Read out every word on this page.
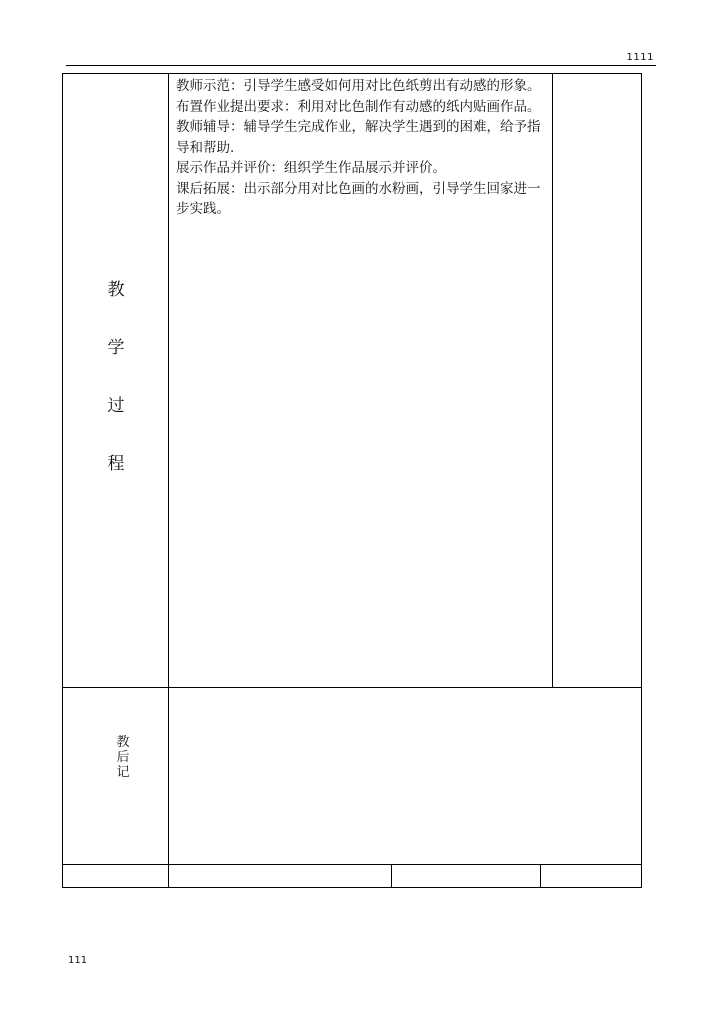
1111
教
学
过
程

教师示范：引导学生感受如何用对比色纸剪出有动感的形象。

布置作业提出要求：利用对比色制作有动感的纸内贴画作品。

教师辅导：辅导学生完成作业，解决学生遇到的困难，给予指导和帮助.

展示作品并评价：组织学生作品展示并评价。

课后拓展：出示部分用对比色画的水粉画，引导学生回家进一步实践。

教
后
记
111
